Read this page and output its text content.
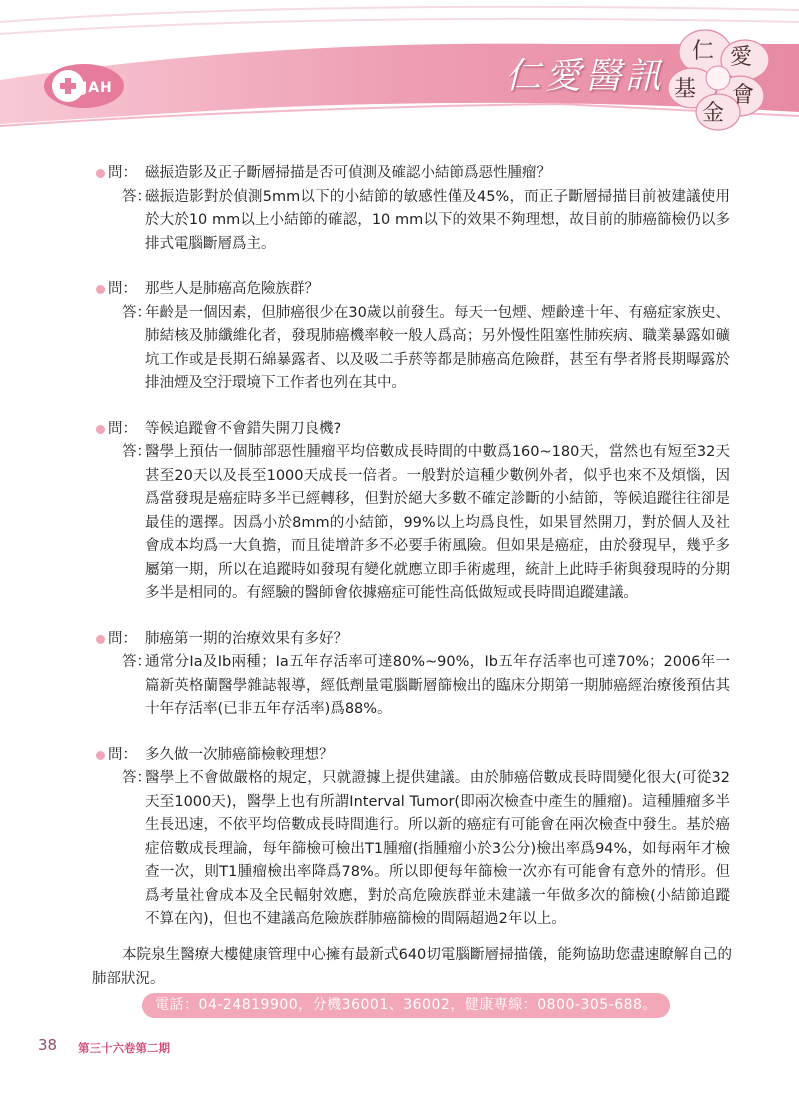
JAH	仁愛醫訊
仁 愛
基
金
會
問： 磁振造影及正子斷層掃描是否可偵測及確認小結節爲惡性腫瘤？
答：
磁振造影對於偵測5mm以下的小結節的敏感性僅及45%，而正子斷層掃描目前被建議使用於大於10 mm以上小結節的確認，10 mm以下的效果不夠理想，故目前的肺癌篩檢仍以多排式電腦斷層爲主。
問： 那些人是肺癌高危險族群？
答：
年齡是一個因素，但肺癌很少在30歲以前發生。每天一包煙、煙齡達十年、有癌症家族史、肺結核及肺纖維化者，發現肺癌機率較一般人爲高；另外慢性阻塞性肺疾病、職業暴露如礦坑工作或是長期石綿暴露者、以及吸二手菸等都是肺癌高危險群，甚至有學者將長期曝露於排油煙及空汙環境下工作者也列在其中。
問： 等候追蹤會不會錯失開刀良機?
答：
醫學上預估一個肺部惡性腫瘤平均倍數成長時間的中數爲160~180天，當然也有短至32天甚至20天以及長至1000天成長一倍者。一般對於這種少數例外者，似乎也來不及煩惱，因爲當發現是癌症時多半已經轉移，但對於絕大多數不確定診斷的小結節，等候追蹤往往卻是最佳的選擇。因爲小於8mm的小結節，99%以上均爲良性，如果冒然開刀，對於個人及社會成本均爲一大負擔，而且徒增許多不必要手術風險。但如果是癌症，由於發現早，幾乎多屬第一期，所以在追蹤時如發現有變化就應立即手術處理，統計上此時手術與發現時的分期多半是相同的。有經驗的醫師會依據癌症可能性高低做短或長時間追蹤建議。
問： 肺癌第一期的治療效果有多好？
答：
通常分Ia及Ib兩種；Ia五年存活率可達80%~90%，Ib五年存活率也可達70%；2006年一篇新英格蘭醫學雜誌報導，經低劑量電腦斷層篩檢出的臨床分期第一期肺癌經治療後預估其十年存活率(已非五年存活率)爲88%。
問： 多久做一次肺癌篩檢較理想？
答：
醫學上不會做嚴格的規定，只就證據上提供建議。由於肺癌倍數成長時間變化很大(可從32天至1000天)，醫學上也有所謂Interval Tumor(即兩次檢查中產生的腫瘤)。這種腫瘤多半生長迅速，不依平均倍數成長時間進行。所以新的癌症有可能會在兩次檢查中發生。基於癌症倍數成長理論，每年篩檢可檢出T1腫瘤(指腫瘤小於3公分)檢出率爲94%，如每兩年才檢查一次，則T1腫瘤檢出率降爲78%。所以即便每年篩檢一次亦有可能會有意外的情形。但爲考量社會成本及全民輻射效應，對於高危險族群並未建議一年做多次的篩檢(小結節追蹤不算在內)，但也不建議高危險族群肺癌篩檢的間隔超過2年以上。
本院泉生醫療大樓健康管理中心擁有最新式640切電腦斷層掃描儀，能夠協助您盡速瞭解自己的肺部狀況。
電話：04-24819900，分機36001、36002，健康專線：0800-305-688。
38 第三十六卷第二期
